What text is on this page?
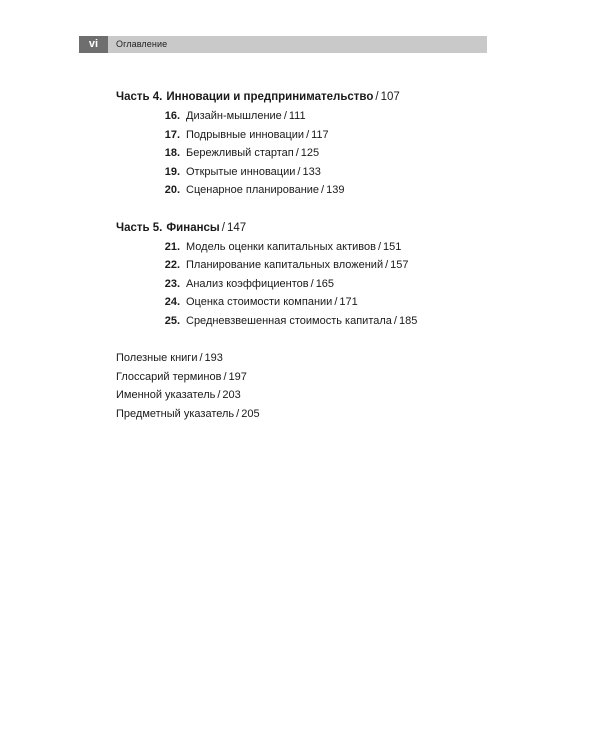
vi	Оглавление
Часть 4. Инновации и предпринимательство / 107
16. Дизайн-мышление / 111
17. Подрывные инновации / 117
18. Бережливый стартап / 125
19. Открытые инновации / 133
20. Сценарное планирование / 139
Часть 5. Финансы / 147
21. Модель оценки капитальных активов / 151
22. Планирование капитальных вложений / 157
23. Анализ коэффициентов / 165
24. Оценка стоимости компании / 171
25. Средневзвешенная стоимость капитала / 185
Полезные книги / 193
Глоссарий терминов / 197
Именной указатель / 203
Предметный указатель / 205
